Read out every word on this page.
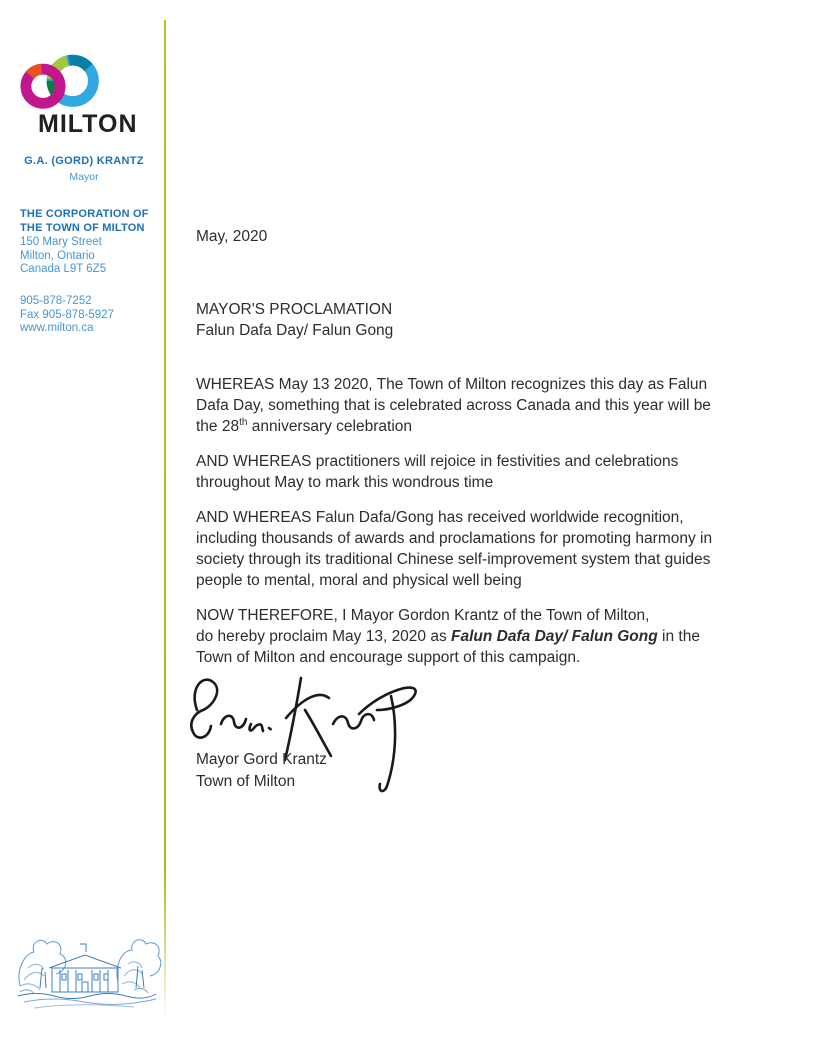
MILTON
G.A. (GORD) KRANTZ
Mayor
THE CORPORATION OF
THE TOWN OF MILTON
150 Mary Street
Milton, Ontario
Canada L9T 6Z5
905-878-7252
Fax 905-878-5927
www.milton.ca
May, 2020
MAYOR'S PROCLAMATION
Falun Dafa Day/ Falun Gong

WHEREAS May 13 2020, The Town of Milton recognizes this day as Falun
Dafa Day, something that is celebrated across Canada and this year will be
the 28th anniversary celebration

AND WHEREAS practitioners will rejoice in festivities and celebrations
throughout May to mark this wondrous time

AND WHEREAS Falun Dafa/Gong has received worldwide recognition,
including thousands of awards and proclamations for promoting harmony in
society through its traditional Chinese self-improvement system that guides
people to mental, moral and physical well being

NOW THEREFORE, I Mayor Gordon Krantz of the Town of Milton,
do hereby proclaim May 13, 2020 as Falun Dafa Day/ Falun Gong in the
Town of Milton and encourage support of this campaign.

Mayor Gord Krantz
Town of Milton
